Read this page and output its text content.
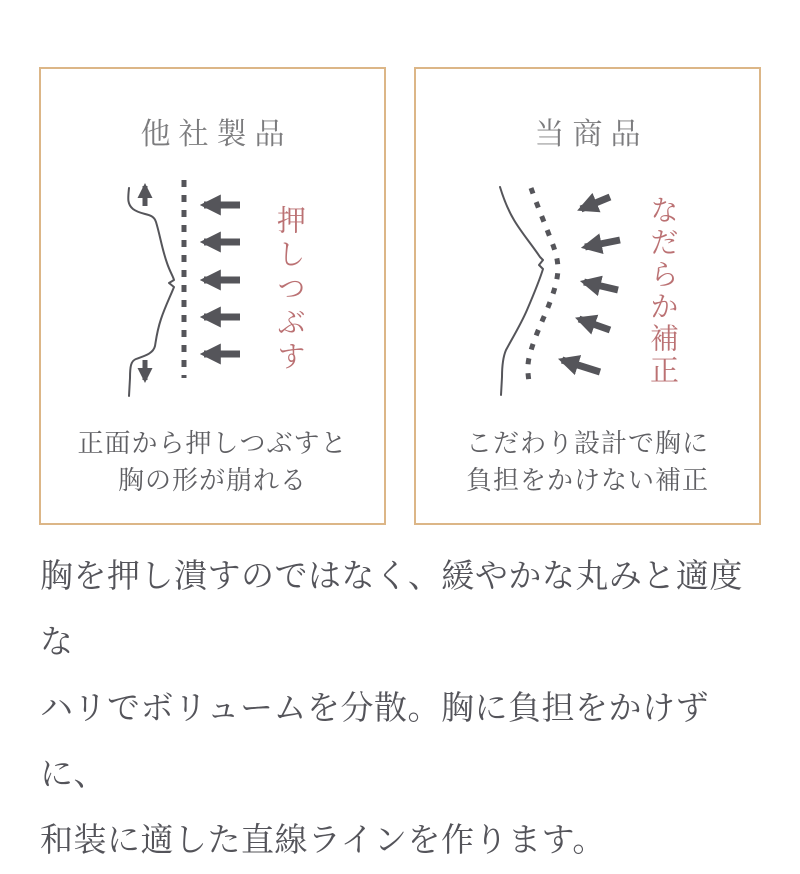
他社製品
押しつぶす

正面から押しつぶすと
胸の形が崩れる

当商品
なだらか補正

こだわり設計で胸に
負担をかけない補正

胸を押し潰すのではなく、緩やかな丸みと適度な
ハリでボリュームを分散。胸に負担をかけずに、
和装に適した直線ラインを作ります。
